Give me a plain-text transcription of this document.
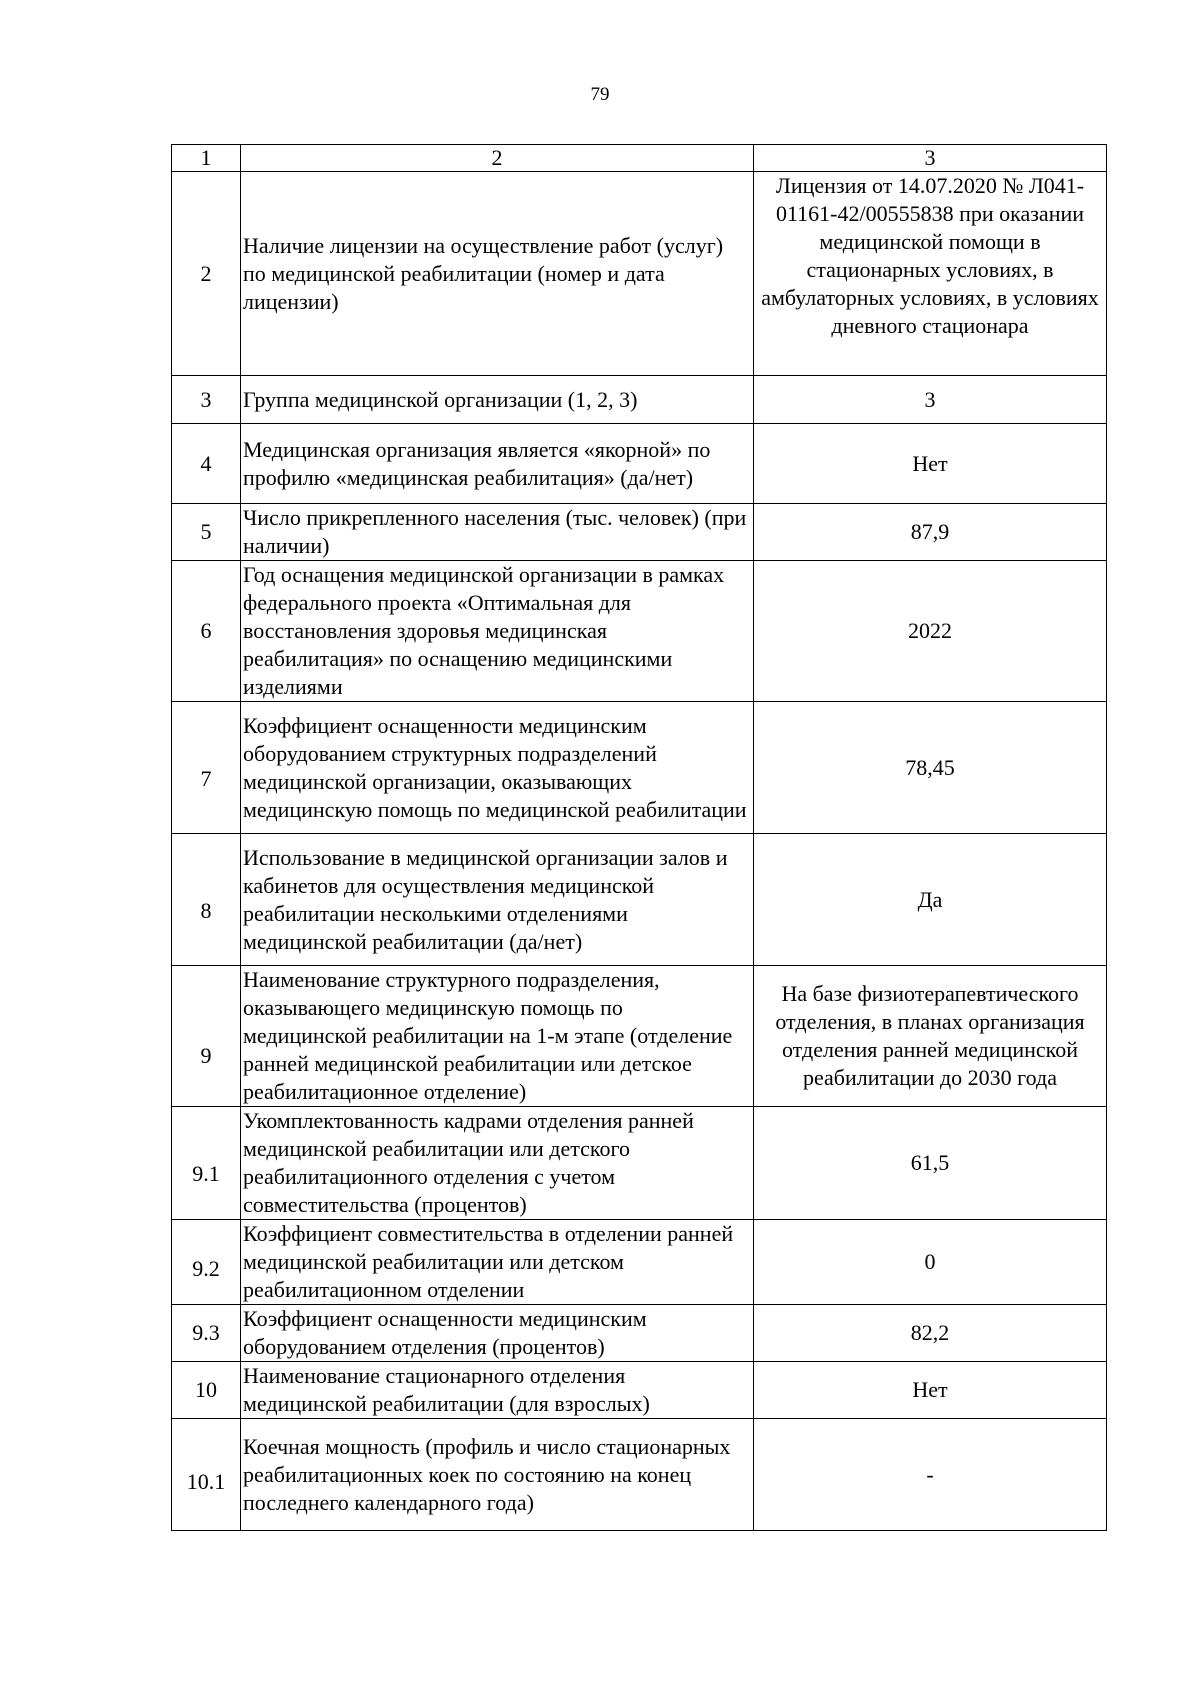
79
1	2	3
2	Наличие лицензии на осуществление работ (услуг) по медицинской реабилитации (номер и дата лицензии)	Лицензия от 14.07.2020 № Л041-01161-42/00555838 при оказании медицинской помощи в стационарных условиях, в амбулаторных условиях, в условиях дневного стационара
3	Группа медицинской организации (1, 2, 3)	3
4	Медицинская организация является «якорной» по профилю «медицинская реабилитация» (да/нет)	Нет
5	Число прикрепленного населения (тыс. человек) (при наличии)	87,9
6	Год оснащения медицинской организации в рамках федерального проекта «Оптимальная для восстановления здоровья медицинская реабилитация» по оснащению медицинскими изделиями	2022
7	Коэффициент оснащенности медицинским оборудованием структурных подразделений медицинской организации, оказывающих медицинскую помощь по медицинской реабилитации	78,45
8	Использование в медицинской организации залов и кабинетов для осуществления медицинской реабилитации несколькими отделениями медицинской реабилитации (да/нет)	Да
9	Наименование структурного подразделения, оказывающего медицинскую помощь по медицинской реабилитации на 1-м этапе (отделение ранней медицинской реабилитации или детское реабилитационное отделение)	На базе физиотерапевтического отделения, в планах организация отделения ранней медицинской реабилитации до 2030 года
9.1	Укомплектованность кадрами отделения ранней медицинской реабилитации или детского реабилитационного отделения с учетом совместительства (процентов)	61,5
9.2	Коэффициент совместительства в отделении ранней медицинской реабилитации или детском реабилитационном отделении	0
9.3	Коэффициент оснащенности медицинским оборудованием отделения (процентов)	82,2
10	Наименование стационарного отделения медицинской реабилитации (для взрослых)	Нет
10.1	Коечная мощность (профиль и число стационарных реабилитационных коек по состоянию на конец последнего календарного года)	-
